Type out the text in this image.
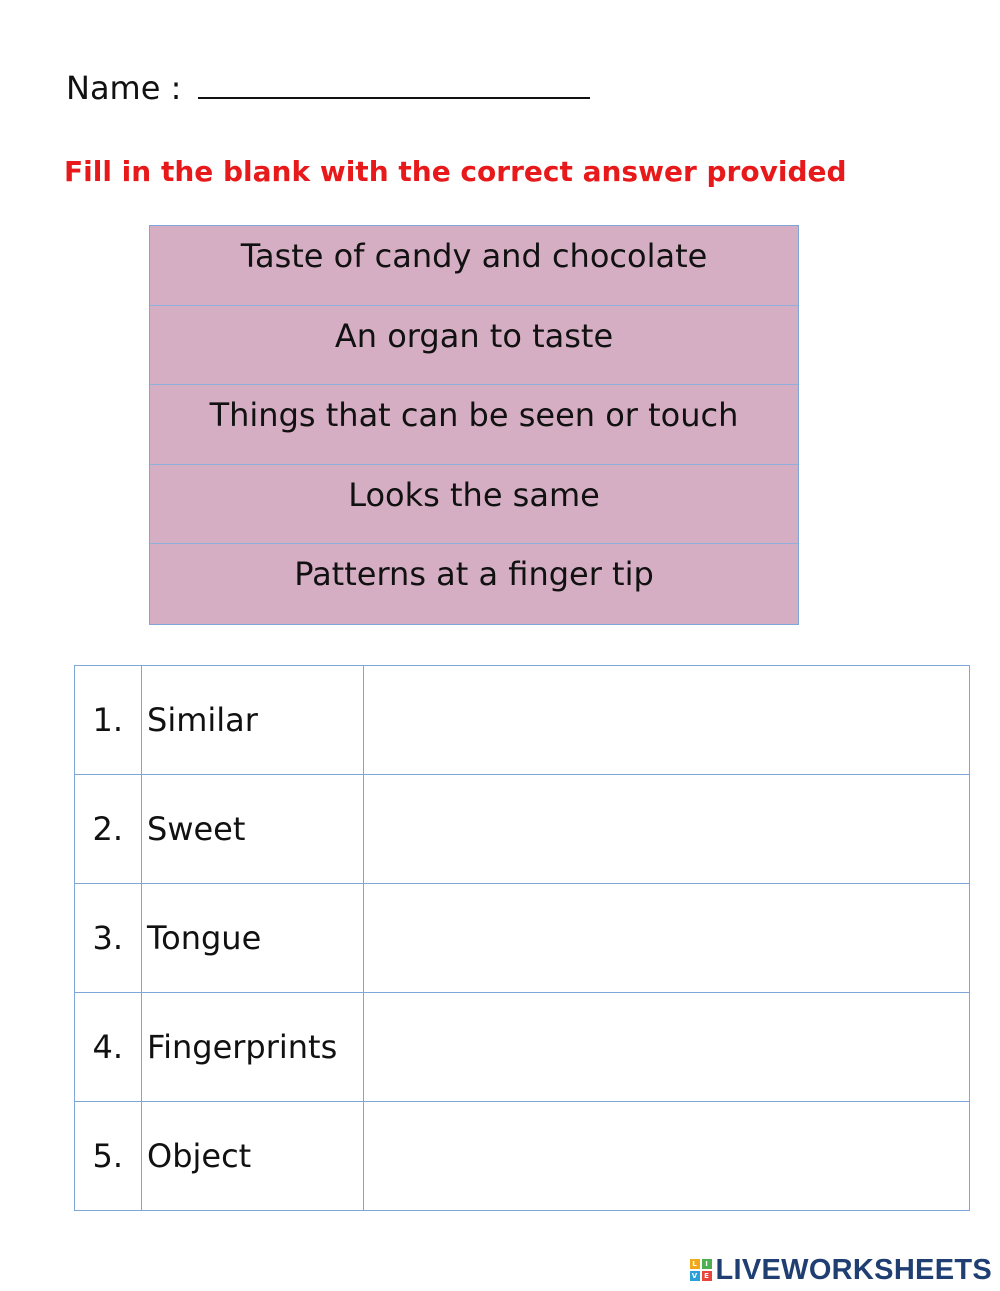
Name :
Fill in the blank with the correct answer provided
Taste of candy and chocolate
An organ to taste
Things that can be seen or touch
Looks the same
Patterns at a finger tip
1.	Similar	
2.	Sweet	
3.	Tongue	
4.	Fingerprints	
5.	Object	
L	I
V E LIVEWORKSHEETS
